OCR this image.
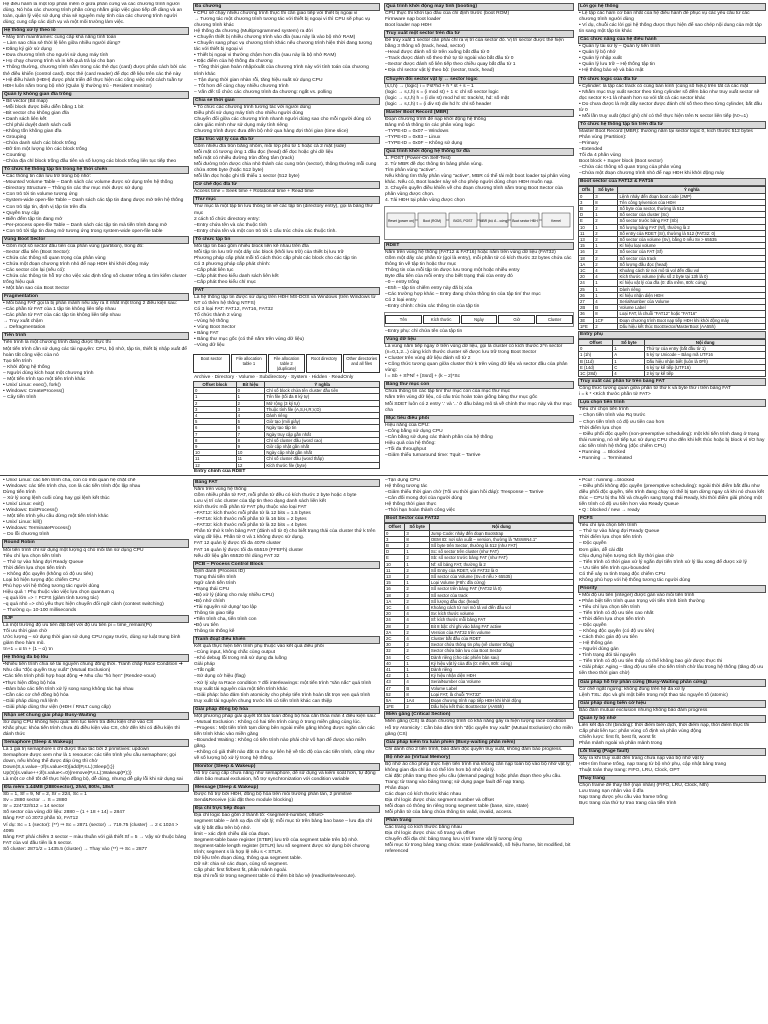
Hệ điều hành là một lớp phần mềm ở giữa phần cứng và các chương trình người dùng. Nó hỏa các chương trình phần cứng nhằm giúp việc giao tiếp dễ dàng và an toàn, quản lý việc sử dụng chia sẻ nguyên máy tính của các chương trình người dùng; cung cấp các dịch vụ và một môi trường làm việc.
Hệ thống xử lý theo lô
• Máy tính mainframes: cung cấp khả năng tính toán
– Làm sao chia sẻ thời lệ liên giữa nhiều người dùng?
• Đăng ký giờ sử dụng
• Đưa chương trình cho người sử dụng máy tính
• Họ chạy chương trình và in kết quả trả lại cho bạn
• Thông thường, chương trình nằm trong các thẻ đục (card) được phân cách bởi các thẻ điều khiển (control card). Đọc thẻ (card reader) để đọc đề liệu trên các thẻ này
• Hệ điều hành (HĐH) được phát triển để thực hiện các công việc một cách tuần tự
HĐH luôn nằm trong bộ nhớ (Quản lý thường trú - Resident monitor)
Quản lý không gian đĩa trống
• Bit vector (Bit map)
–Mỗi block được biểu diễn bằng 1 bit
–Bit vector cho không gian đĩa
• Danh sách liên kết
–Chỉ phải duyệt danh sách cuối
–Không tốn không gian đĩa
• Grouping
–Chứa danh sách các block trống
–Đỡ tìm một lượng lớn các block trống
• Counting
–Chứa địa chỉ block trống đầu tiên và số lượng các block trống liên tục tiếp theo
Tổ chức hệ thống tập tin trong hệ thời chiến
• Các thông tin cần lưu trữ trong bộ nhớ:
–Mounted Volume Table – Danh sách các volume được sử dụng trên hệ thống
–Directory Structure – Thông tin các thư mục mới được sử dụng
• Con trỏ tới tin volume tương ứng
–System-wide open-file Table – Danh sách các tập tin đang được mở trên hệ thống
• Con trỏ tập tin, định vị tập tin trên đĩa
• Quyền truy cập
• Biến đếm tập tin đang mở
–Per-process open-file Table – Danh sách các tập tin mà tiến trình đang mở
• Con trỏ tới tập tin đang mở tương ứng trong system-wide open-file table
Vùng Boot Sector
• Gồm một số sector đầu tiên của phân vùng (partition), trong đó:
–Sector đầu tiên (Boot Sector):
• Chứa các thông số quan trọng của phân vùng
• Chứa một đoạn chương trình nhỏ để nạp HĐH khi khởi động máy
–Các sector còn lại (nếu có):
• Chứa các thông tin hỗ trợ cho việc xác định tổng số cluster trống & tìm kiếm cluster trống hiệu quả
• Một bản sao của Boot Sector
Fragmentation
• Mỗi bảng FAT gọi là bị phân mảnh nếu xảy ra ít nhất một trong 2 điều kiện sau:
–Các phần tử FAT của 1 tập tin không liên tiếp nhau
–Các phần tử FAT của các tập tin không liên tiếp nhau
→ Truy xuất chậm
→ Defragmentation
Tiến trình
Tiến trình là một chương trình đang được thực thi
Một tiến trình cần sử dụng các tài nguyên: CPU, bộ nhớ, tập tin, thiết bị nhập xuất để hoàn tất công việc của nó
Tạo tiến trình
– Khởi động hệ thống
– Người dùng kích hoạt một chương trình
– Một tiến trình tạo một tiến trình khác
• Unix/ Linux: exec(), fork()
• Windows: CreateProcess()
– Cây tiến trình
Đa chương
• CPU sẽ chạy nhiều chương trình thực thi cần giao tiếp với thiết bị ngoại vi
→ Tương tác một chương trình tương tác với thiết bị ngoại vi thì CPU sẽ phục vụ chương trình khác
Hệ thống đa chương (Multiprogrammed system) ra đời
• Chuyển thiết bị nhiều chương trình vào đĩa (sau này là vào bộ nhớ RAM)
• Chuyển sang phục vụ chương trình khác nếu chương trình hiện thời đang tương tác với thiết bị ngoại vi
• Thiết bị ngoại vi thường chậm hơn đĩa (sau này là bộ nhớ RAM)
• Đặc điểm của hệ thống đa chương
– Tổng thời gian hoàn nhập/xuất của chương trình này với tính toán của chương trình khác
– Tận dụng thời gian nhàn rỗi, tăng hiệu suất sử dụng CPU
– Tốt hơn để cùng chạy nhiều chương trình
– Vấn đề: tổ chức các chương trình đa chương: ngắt vs. polling
Chia sẻ thời gian
• Tổ chức các chương trình tương tác với người dùng
Điều phối sử dụng máy tính cho nhiều người dùng
Chuyển đổi giữa các chương trình nhanh người dùng sao cho mỗi người dùng có cảm giác mình như sử dụng máy tính riêng
Chương trình được đưa đến bộ nhớ qua hàng đợi thời gian (time slice)
Cấu trúc vật lý của đĩa từ
Gồm nhiều đĩa tròn bằng nhôm, mỗi lớp phủ từ 1 hoặc cả 2 mặt (side)
Mỗi mặt có tương ứng 1 đầu đọc (head) để đọc hoặc ghi dữ liệu
Mỗi mặt có nhiều đường tròn đồng tâm (track)
Mỗi đường tròn được chia nhỏ thành các cung tròn (sector), thông thường mỗi cung chứa 4096 byte (hoặc 512 byte)
Mỗi lần đọc hoặc ghi tối thiểu 1 sector (512 byte)
Cơ chế đọc đĩa từ
Access time = Seek time + Rotational time + Read time
Thư mục
Thư mục là một tập tin lưu thông tin về các tập tin (directory entry), gọi là bảng thư mục
2 cách tổ chức directory entry:
–Entry chứa tên và các thuộc tính
–Entry chứa tên và một con trỏ tới 1 cấu trúc chứa các thuộc tính.
Tổ chức tập tin
Mỗi tập tin bao gồm nhiều block liền kề nhau trên đĩa
Mỗi tập tin lưu trữ một dãy các block (khối lưu trữ) của thiết bị lưu trữ
Phương pháp cấp phát mỗi tổ cách thức cấp phát các block cho các tập tin
Có 3 phương pháp cấp phát chính:
–Cấp phát liên tục
–Cấp phát theo kiểu danh sách liên kết
–Cấp phát theo kiểu chỉ mục
FAT
Là hệ thống tập tin được sử dụng trên HĐH MS-DOS và Windows (trên Windows từ NT có thêm hệ thống NTFS)
Có 3 loại FAT: FAT12, FAT16, FAT32
Tổ chức thành 2 vùng
–Vùng hệ thống
• Vùng Boot Sector
• Bảng FAT
• Bảng thư mục gốc (có thể nằm trên vùng dữ liệu)
–Vùng dữ liệu
Boot sector	File allocation table 1
File allocation table 2 (duplicate)
Root directory	Other directories and all files
Archive · Directory · Volume · Subdirectory · System · Hidden · ReadOnly
Offset block	Bit hiệu	Ý nghĩa
0	0	Chỉ số block chứa tên cluster đầu tiên
1	1	Tên file (tối đa 8 ký tự)
2	2	Mở rộng (3 ký tự)
3	3	Thuộc tính file (A,S,H,R,V,D)
4	4	Dành riêng
5	5	Giờ tạo (mili giây)
6	6	Ngày tạo tập tin
7	7	Ngày truy cập gần nhất
8	8	Chỉ số cluster đầu (word cao)
9	9	Giờ cập nhật gần nhất
10	10	Ngày cập nhật gần nhất
11	11	Chỉ số cluster đầu (word thấp)
12	12	Kích thước file (byte)
Entry chính của RDET
Quá trình khởi động máy tính (booting)
CPU thực thi khởi tạo đầu của chỉ định trước (boot ROM)
Firmware nạp boot loader
Boot loader nạp HĐH
Truy xuất một sector trên đĩa từ
Để truy xuất 1 sector cần phải chỉ ra vị trí của sector đó. Vị trí sector được thể hiện bằng 3 thông số (track, head, sector)
–Head được đánh số từ trên xuống bắt đầu từ 0
–Track được đánh số theo thứ tự từ ngoài vào bắt đầu từ 0
–Sector được đánh số liên tiếp theo chiều quay bắt đầu từ 1
• Địa chỉ sector vật lý theo bộ: (sector, track, head)
Chuyển đổi sector vật lý ↔ sector logic
(s,t,h) → (logic) i = t*st*hd + h * st + s – 1
(logic → s,t,h) s = (i mod st) + 1 s: chỉ số sector logic
(logic → s,t,h) h = (i div st) mod hd st: track/st, hd: số mặt
(logic → s,t,h) t = (i div st) div hd h: chỉ số header
Master Boot Record (MBR)
Đoạn chương trình để nạp khởi động hệ thống
Bảng mô tả thông tin các phân vùng logic
–TYPE-ID = 0x07 – Windows
–TYPE-ID = 0x83 – Linux
–TYPE-ID = 0x0F – Không sử dụng
Quá trình khởi động hệ thống từ đĩa
1. POST (Power-On Self-Test)
2. Từ MBR đề đọc thông tin bảng phân vùng.
Tìm phân vùng "active".
Nếu không tìm thấy phân vùng "active", MBR có thể tải một boot loader tại phân vùng khác. Nếu có, Boot loader này sẽ cho phép người dùng chọn HĐH muốn nạp.
3. Chuyển quyền điều khiển về cho đoạn chương trình nằm trong Boot Sector của phân vùng được chọn.
4. Tải HĐH tại phân vùng được chọn
Reset (power on)	Boot (ROM)	BIOS, POST MBR (bộ đ... cứng) Boot sector HĐH	Kernel
RDET
Nằm trên vùng hệ thống (FAT12 & FAT16) hoặc nằm trên vùng dữ liệu (FAT32)
Gồm một dãy các phần tử (gọi là entry), mỗi phần tử có kích thước 32 bytes chứa các thông tin về tập tin hoặc thư mục
Thông tin của mỗi tập tin được lưu trong một hoặc nhiều entry
Byte đầu tiên của mỗi entry cho biết trạng thái của entry đó
–0 – entry trống
–E5h – tập tin chiếm entry này đã bị xóa
–Các trường hợp khác – Entry đang chứa thông tin của tập tin/ thư mục
Có 2 loại entry
–Entry chính: chứa các thông tin của tập tin
Tên	Kích thước	Ngày	Giờ	Cluster
–Entry phụ: chỉ chứa tên của tập tin
Vùng dữ liệu
Là vùng nằm tiếp ngay ở trên vùng dữ liệu, gọi là cluster có kích thước 2^n sector (n=0,1,2...) cùng kích thước cluster sẽ được lưu trữ trong Boot Sector
• Cluster trên vùng dữ liệu đánh số từ 2
• Công thức tương quan giữa cluster thứ k trên vùng dữ liệu và sector đầu của phân vùng:
l = Sb + Sf*Nf + [Ssrd] + (k – 2)*Sc
Bảng thư mục con
Chứa thông tin các tập tin/ thư mục con của mục thư mục
Nằm trên vùng dữ liệu, có cấu trúc hoàn toàn giống bảng thư mục gốc
Mỗi SDET luôn có 2 entry '.' và '..' ở đầu bảng mô tả về chính thư mục này và thư mục cha
Mục tiêu điều phối
Hiệu năng của CPU:
–Công bằng sử dụng CPU
–Cân bằng sử dụng các thành phần của hệ thống
Hiệu quả của hệ thống:
–Tối đa throughput
–Giảm thiểu turnaround time: Tquit – Tarrive
Lời gọi hệ thống
• Lệ tập các hàm cơ bản nhất của hệ điều hành để phục vụ các yêu cầu từ các chương trình người dùng
• Ví dụ, chuỗi các lời gọi hệ thống được thực hiện để sao chép nội dung của một tập tin sang một tập tin khác
Các chức năng của hệ điều hành
• Quản lý tài sử lý – Quản lý tiến trình
• Quản lý bộ nhớ
• Quản lý nhập xuất
• Quản lý lưu trữ – Hệ thống tập tin
• Hệ thống bảo vệ và bảo mật
Tổ chức logic của đĩa từ
• Cylinder: là tập các track có cùng bán kính (cùng số hiệu) trên tất cả các mặt
• Nhằm mục truy xuất sector theo từng cylinder số đếm bảo như truy xuất sector sẽ đọc sector K+1 là nhanh hơn so với tất cả các sector khác
• Do chưa được là một dãy sector được đánh chỉ số theo theo từng cylinder, bắt đầu từ 0
• Mỗi lần truy xuất (đọc/ ghi) chỉ có thể thực hiện trên N sector liên tiếp (N>=1)
Tổ chức hệ thống tập tin trên đĩa từ
Master Boot Record (MBR): thường nằm tại sector logic 0, kích thước 512 bytes
Phân vùng (Partition):
–Primary
–Extended
Tối đa 4 phân vùng
Boot block + Super block (Boot sector)
–Chứa các thông số quan trọng của phân vùng
–Chứa một đoạn chương trình nhỏ để nạp HĐH khi khởi động máy
Boot sector của FAT12 & FAT16
Offs	Số byte	Ý nghĩa
0	3	Lệnh nhảy đến đoạn boot code (JMP)
3	8	Tên công ty/version của HĐH
B	2	Số byte của sector, thường là 512
D	1	Số sector của cluster (Sc)
E	2	Số sector trước bảng FAT (Sb)
10	1	Số lượng bảng FAT (Nf), thường là 2
11	2	Số entry của RDET (Sr), thường là 512 (FAT32: 0)
13	2	Số sector của volume (Sv), bằng 0 nếu Sv > 65535
15	1	Kí hiệu loại volume
16	2	Số sector của FAT (Sf)
18	2	Số sector của track
1A	2	Số lượng đầu đọc (head)
1C	4	Khoảng cách từ nơi mô tả vol đến đầu vol
20	4	Kích thước volume (nếu số 2 byte tại 13h là 0)
24	1	Kí hiệu vật lý của đĩa (0: đĩa mềm, 80h: cứng)
25	1	Dành riêng
26	1	Kí hiệu nhận diện HĐH
27	4	SerialNumber của Volume
2B	B	Volume Label
36	8	Loại FAT, là chuỗi "FAT12" hoặc "FAT16"
3E	1CF	Đoạn chương trình Boot nạp tiếp HĐH khi khởi động máy
1FE	2	Dấu hiệu kết thúc BootSector/MasterBoot (AA55h)
Entry phụ
Offset	Số byte	Nội dung
0	1	Thứ tự của entry (bắt đầu từ 1)
1 (1h)	A	5 ký tự Unicode – Bảng mã UTF16
B (11d)	1	Dấu hiệu nhận biết (luôn là 0Fh)
E (14d)	C	6 ký tự kế tiếp (UTF16)
1C (28d)	4	2 ký tự kế tiếp
Truy xuất các phần tử trên bảng FAT
Công thức tương quan giữa phần tử thứ k và byte thứ i trên bảng FAT
i = k * <Kích thước phần tử FAT>
Lựa chọn tiến trình
Tiêu chí chọn tiến trình
– Chọn tiến trình vào Rq trước
– Chọn tiến trình có độ ưu tiên cao hơn
Thời điểm lựa chọn
– Điều phối độc quyền (non-preemptive scheduling): một khi tiến trình đang ở trạng thái running, nó sẽ tiếp tục sử dụng CPU cho đến khi kết thúc hoặc bị block vì I/O hay các tiến trình hệ thống (độc chiếm CPU)
• Running → Blocked
• Running → Terminated
• Unix/ Linux: các tiến trình cha, con có mối quan hệ chặt chẽ
• Windows: các tiến trình cha, con là các tiến trình độc lập nhau
Dừng tiến trình
– Xử lý xong lệnh cuối cùng hay gọi lệnh kết thúc
• Unix/ Linux: exit()
• Windows: ExitProcess()
– Một tiến trình yêu cầu dừng một tiến trình khác
• Unix/ Linux: kill()
• Windows: TerminateProcess()
– Do lỗi chương trình
Round Robin
Mỗi tiến trình chỉ sử dụng một lượng q cho mỗi lần sử dụng CPU
Tiêu chí lựa chọn tiến trình
– Thứ tự vào hàng đợi Ready Queue
Thời điểm lựa chọn tiến trình
– Không độc quyền (không có độ ưu tiên)
Loại bỏ hiện tượng độc chiếm CPU
Phù hợp với hệ thống tương tác người dùng
Hiệu quả ↑ Phụ thuộc vào việc lựa chọn quantum q
–q quá lớn => ↑ FCFS (giảm tính tương tác)
–q quá nhỏ => chủ yếu thực hiện chuyển đổi ngữ cảnh (context switching)
– Thường q= 10-100 milliseconds
SJF
Là một trường độ ưu tiên đặt biệt với độ ưu tiên pi = time_remain(Pi)
Tối ưu thời gian chờ
Ước lượng – sử dụng thời gian sử dụng CPU ngay trước, dùng sợ luật trung bình giảm theo hàm mũ.
τn+1 = α tn + (1 – α) τn
Hệ thống đa bộ lõu
•Nhiều tiến trình chia sẻ tài nguyên chung đồng thời. Tranh chấp Race Condition ➜ Nhu cầu "độc quyền truy xuất" (Mutual Exclusion)
•Các tiến trình phối hợp hoạt động ➜ Nhu cầu "hò hẹn" (Rendez-vous)
•Thực hiện đồng bộ hóa
–Đảm bảo các tiến trình xử lý song song không tác hại nhau
–Cần các cơ chế đồng bộ hóa
–Giải pháp dùng mã lệnh
–Giải pháp dùng thư viện (HĐH / RNLT cung cấp)
Nhận xét chung giải pháp Busy-Waiting
Sử dụng CPU không hiệu quả: liên tục kiểm tra điều kiện chờ vào CS
Khắc phục: khóa tiến trình chưa đủ điều kiện vào CS, chờ đến khi có điều kiện thì đánh thức
Semaphore (Sleep & Wakeup)
Là 1 giá trị semaphore s chỉ được thao tác bởi 2 primitives: updown
Semaphore được xem như là 1 resource: các tiến trình yêu cầu semaphore; gọi down, nếu không thể được đáp ứng thì chờ
Down(S,s.value--;If(s.value<0){add(P,s.L);Sleep();}}
Up(S){s.value++;if(s.value<=0){remove(P,s.L);Wakeup(P);}}
Là một cơ chế tốt để thực hiện đồng bộ, dễ dùng, nhưng dễ gây lỗi khi sử dụng sai
Đĩa mềm 1.44MB (2880sector), 2h/d, 80t/s, 18s/t
Sb = 1, Sf = 9, Nf = 2, Sr = 224, Sc = 1
Sv = 2880 sector → S = 2880
Sr = 224*32/512 = 14 sector
Số sector của vùng dữ liệu: 2880 – (1 + 18 + 14) = 2847
Bảng FAT có 3072 phần tử, FAT12
Ví dụ: Sc = 1 (sector): (**) ⇒ Sc = 2871 (sector) → 719.75 (cluster) → 2 ≤ 1024 > 4095
Bảng FAT phải chiếm 3 sector – màu thuần với giả thiết Sf = 5 → Vậy sử thuộc bảng FAT của vol đầu tiên là 5 sector.
Số cluster: 2871/2 = 1435.5 (cluster) → Thay vào (**) ⇒ Sc = 2877
Bảng FAT
Nằm trên vùng hệ thống
Gồm nhiều phần tử FAT, mỗi phần tử đều có kích thước 2 byte hoặc 4 byte
Lưu vị trí các cluster của tập tin theo dạng danh sách liên kết
Kích thước mỗi phần tử FAT phụ thuộc vào loại FAT
–FAT12: kích thước mỗi phần tử là 12 bits = 1.5 bytes
–FAT16: kích thước mỗi phần tử là 16 bits = 2 bytes
–FAT32: kích thước mỗi phần tử là 32 bits = 4 bytes
Phần tử thứ k trên bảng FAT (đánh số từ 0) cho biết trạng thái của cluster thứ k trên vùng dữ liệu. Phần tử 0 và 1 không được sử dụng.
FAT 12 quản lý được tối đa 4079 cluster
FAT 16 quản lý được tối đa 65519 (FFEFh) cluster
Nếu dữ liệu gần 65520 thì dùng FAT 32
PCB – Process Control Block
Định danh (Process ID)
Trạng thái tiến trình
Ngữ cảnh tiến trình
•Trạng thái CPU
•Bộ xử lý (dùng cho máy nhiều CPU)
•Bộ nhớ chính
•Tài nguyên sử dụng/ tạo lập
Thông tin giao tiếp
•Tiến trình cha, tiến trình con
•Độ ưu tiên
Thông tin thống kê
Tranh đoạt điều khiển
Kết quả thực hiện tiến trình phụ thuộc vào kết quả điều phối
–Cùng input, không chắc cùng output
–Khó debug lỗi trong mã sử dụng đa luồng
Giải pháp
–Tắt ngắt
–Sử dụng cờ hiệu (flag)
–Xử lý xảy ra Race condition ? đối interleavings: một tiến trình "săn nắc" quá trình truy xuất tài nguyên của một tiến trình khác
–Giải pháp: bảo đảm tính atomicity cho phép tiến trình hoàn tất trọn vẹn quá trình truy xuất tài nguyên chung trước khi có tiến trình khác can thiệp
Giải pháp đồng bộ hóa
Một phương pháp giải quyết tốt bài toán đồng bộ hóa cần thỏa mãn 4 điều kiện sau:
–Mutual Exclusion : Không có hai tiến trình cùng ở trong miền găng cùng lúc.
–Progess : Một tiến trình tạm dừng bên ngoài miền găng không được ngăn cản các tiến trình khác vào miền găng
–Bounded Waiting : Không có tiến trình nào phải chờ vô hạn để được vào miền găng.
–Không có giả thiết nào đặt ra cho sự liên hệ về tốc độ của các tiến trình, cũng như về số lượng bộ xử lý trong hệ thống.
Monitor (Sleep & Wakeup)
Hỗ trợ cung cấp chưa năng như semaphore, dễ sử dụng và kiểm soát hơn, tự động đảm bảo mutual exclusion, hỗ trợ synchronization với condition variable
Message (Sleep & Wakeup)
Được hỗ trợ bởi HĐH, đồng bộ hóa trên môi trường phân tán, 2 primitive Send&Receive (cài đặt theo module blocking)
Địa chỉ trực tiếp đoạn
Địa chỉ logic bao gồm 2 thành tố: <segment-number, offset>
segment table – ánh xạ địa chỉ vật lý; mỗi mục từ trên bảng bao base – lưu địa chỉ vật lý bắt đầu trên bộ nhớ.
limit – xác định chiều dài của đoạn.
Segment-table base register (STBR) lưu trữ của segment table trên bộ nhớ.
Segment-table length register (STLR) lưu số segment được sử dụng bởi chương trình; segment s là hợp lệ nếu s < STLR.
Dữ liệu trên đoạn dùng, thông qua segment table.
Dữ sẽ: chia sẻ các đoạn, cùng số segment.
Cấp phát: first fit/best fit, phân mảnh ngoài.
Địa chỉ mỗi từ trong segment table có thêm bit bảo vệ (read/write/execute).
–Tận dụng CPU
Hệ thống tương tác
–Giảm thiểu thời gian chờ (Tối ưu thời gian hồi đáp): Tresponse – Tarrive
–Cân đối mong đợi của người dùng
Hệ thống thời gian thực
–Thời hạn hoàn thành công việc
Boot Sector của FAT32
Offset	Số byte	Nội dung
0	3	Jump Code: nhảy đến đoạn Bootstrap
3	8	OEM ID: nơi sản xuất – version, thường là "MSWIN4.1"
B	2	Số byte trên Sector, thường là 512 (như FAT)
D	1	Sc: số sector trên cluster (như FAT)
E	2	Sb: số sector trước bảng FAT (như FAT)
10	1	Nf: số bảng FAT, thường là 2
11	2	Số Entry của RDET, với FAT32 là 0
13	2	Số sector của Volume (Sv=0 nếu > 65535)
15	1	Loại Volume (F8h: đĩa cứng)
16	2	Số sector trên bảng FAT (FAT32 là 0)
18	2	Số sector của track
1A	2	Số lượng đầu đọc (head)
1C	4	Khoảng cách từ nơi mô tả vol đến đầu vol
20	4	Sv: kích thước volume
24	4	Sf: kích thước mỗi bảng FAT
28	2	Bit 8 bật: chỉ ghi vào bảng FAT active
2A	2	Version của FAT32 trên volume
2C	4	Cluster bắt đầu của RDET
30	2	Sector chứa thông tin phụ (về cluster trống)
32	2	Sector chứa bản lưu của Boot Sector
34	C	Dành riêng (cho các phiên bản sau)
40	1	Ký hiệu vật lý của đĩa (0: mềm, 80h: cứng)
41	1	Dành riêng
42	1	Ký hiệu nhận diện HĐH
43	4	SerialNumber của Volume
47	B	Volume Label
52	8	Loại FAT, là chuỗi "FAT32"
5A	1A4	Đoạn chương trình nạp tiếp HĐH khi khởi động
1FE	2	Dấu hiệu kết thúc BootSector (AA55h)
Miền găng (Critical Section)
Miền găng (CS) là đoạn chương trình có khả năng gây ra hiện tượng race condition
Hỗ trợ Atomicity : Cần bảo đảm tính "độc quyền truy xuất" (Mutual Exclusion) cho miền găng (CS)
Giải pháp kiểm tra luân phiên (Busy-waiting phần mềm)
Chỉ dành cho 2 tiến trình, bảo đảm độc quyền truy xuất, không đảm bảo progress.
Bộ nhớ ảo (Virtual Memory)
Bộ nhớ ảo cho phép thực hiện tiến trình mà không cần nạp toàn bộ vào bộ nhớ vật lý; không gian địa chỉ ảo có thể lớn hơn bộ nhớ vật lý.
Cài đặt: phân trang theo yêu cầu (demand paging) hoặc phân đoạn theo yêu cầu.
Trang: từ trang vào bảng trang; sử dụng page fault để nạp trang.
Phân đoạn
Các đoạn có kích thước khác nhau
Địa chỉ logic được chia: segment number và offset
Mỗi đoạn có thông tin riêng trong segment table (base, size, state)
Mỗi phần tử của bảng chứa thông tin valid, invalid, access.
Phân trang
Các trang có kích thước bằng nhau
Địa chỉ logic được chia: số trang và offset
Chuyển đổi địa chỉ: bảng trang lưu vị trí frame vật lý tương ứng
Mỗi mục từ trong bảng trang chứa: state (valid/invalid), số hiệu frame, bit modified, bit referenced
• Pcur : running→blocked
– Điều phối không độc quyền (preemptive scheduling): ngoài thời điểm bắt đầu như điều phối độc quyền, tiến trình đang chạy có thể bị tạm dừng ngay cả khi nó chưa kết thúc – CPU bị thu hồi và chuyển sang trạng thái Ready, khi thời điểm giải phóng một tiến trình có độ ưu tiên hơn vào Ready Queue
• Q : blocked / new → ready
FCFS
Tiêu chí lựa chọn tiến trình
– Thứ tự vào hàng đợi Ready Queue
Thời điểm lựa chọn tiến trình
– Độc quyền
Đơn giản, dễ cài đặt
Chịu đựng hiện tượng tích lũy thời gian chờ
– Tiến trình có thời gian xử lý ngắn đợi tiến trình xử lý lâu xong để được xử lý
– Ưu tiên tiến trình cpu-bounded
Có thể xảy ra tình trạng độc chiếm CPU
Không phù hợp với hệ thống tương tác người dùng
Priority
• Mỗi độ ưu tiên (integer) được gán vào mỗi tiến trình
• Phân biệt tiến trình quan trọng với tiến trình bình thường
• Tiêu chí lựa chọn tiến trình
– Tiến trình có độ ưu tiên cao nhất
• Thời điểm lựa chọn tiến trình
– Độc quyền
– Không độc quyền (có độ ưu tiên)
• Cách thức gán độ ưu tiên
– Hệ thống gán
– Người dùng gán
• Tình trạng đói tài nguyên
– Tiến trình có độ ưu tiên thấp có thể không bao giờ được thực thi
• Giải pháp: Aging – tăng độ ưu tiên cho tiến trình chờ lâu trong hệ thống (tăng độ ưu tiên theo thời gian chờ)
Giải pháp hỗ trợ phần cứng (Busy-Waiting phần cứng)
Cơ chế ngắt ngừng: không đúng trên hệ đa xử lý
Lệnh TSL: đọc và ghi một biến trong một thao tác nguyên tố (atomic)
Giải pháp dùng biến cờ hiệu
Bảo đảm mutual exclusion nhưng không bảo đảm progress
Quản lý bộ nhớ
Liên kết địa chỉ (binding): thời điểm biên dịch, thời điểm nạp, thời điểm thực thi
Cấp phát liên tục: phân vùng cố định và phân vùng động
Chiến lược: first fit, best fit, worst fit
Phân mảnh ngoài và phân mảnh trong
Lỗi trang (Page fault)
Xảy ra khi truy xuất đến trang chưa nạp vào bộ nhớ vật lý
HĐH tìm frame trống, nạp trang từ bộ nhớ phụ, cập nhật bảng trang
Thuật toán thay trang: FIFO, LRU, Clock, OPT
Thay trang
Chọn frame để thay thế (nạn nhân) (FIFO, LRU, Clock, Nth)
Lưu trang nạn nhân vào ổ đĩa
Nạp trang được yêu cầu vào frame trống
Bực trang của thứ tự trao trang của tiến trình
